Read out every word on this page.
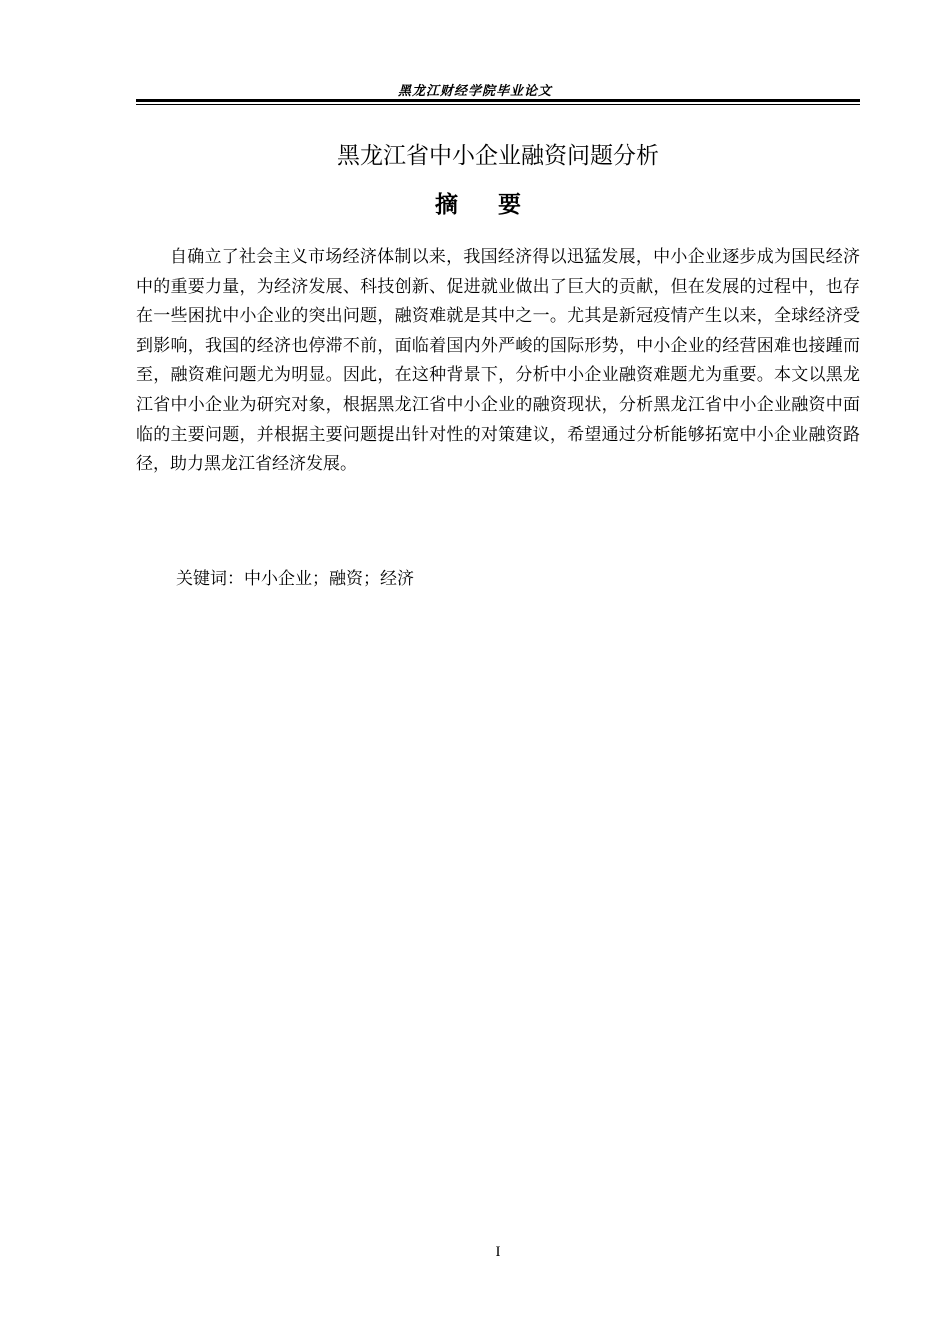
黑龙江财经学院毕业论文
黑龙江省中小企业融资问题分析
摘要

自确立了社会主义市场经济体制以来，我国经济得以迅猛发展，中小企业逐步成为国民经济中的重要力量，为经济发展、科技创新、促进就业做出了巨大的贡献，但在发展的过程中，也存在一些困扰中小企业的突出问题，融资难就是其中之一。尤其是新冠疫情产生以来，全球经济受到影响，我国的经济也停滞不前，面临着国内外严峻的国际形势，中小企业的经营困难也接踵而至，融资难问题尤为明显。因此，在这种背景下，分析中小企业融资难题尤为重要。本文以黑龙江省中小企业为研究对象，根据黑龙江省中小企业的融资现状，分析黑龙江省中小企业融资中面临的主要问题，并根据主要问题提出针对性的对策建议，希望通过分析能够拓宽中小企业融资路径，助力黑龙江省经济发展。

关键词：中小企业；融资；经济
I
